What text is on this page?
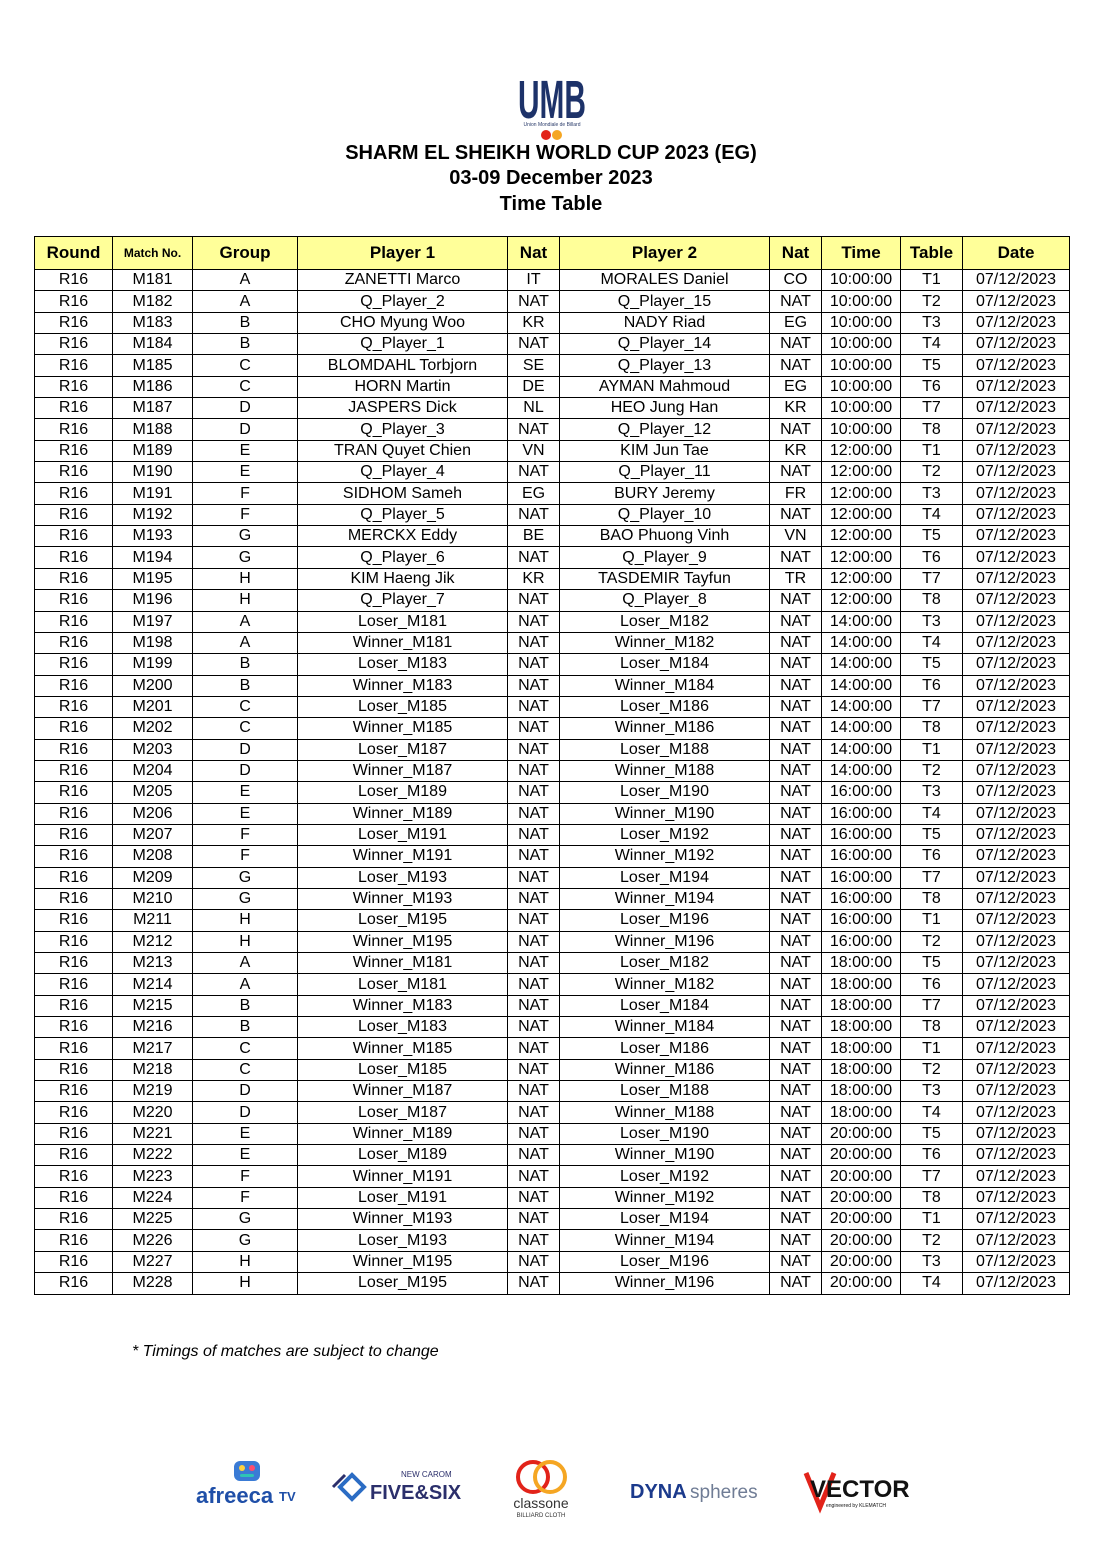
UMB
Union Mondiale de Billard
SHARM EL SHEIKH WORLD CUP 2023 (EG)
03-09 December 2023
Time Table
Round	Match No.	Group	Player 1	Nat	Player 2	Nat	Time	Table	Date
R16	M181	A	ZANETTI Marco	IT	MORALES Daniel	CO	10:00:00	T1	07/12/2023
R16	M182	A	Q_Player_2	NAT	Q_Player_15	NAT	10:00:00	T2	07/12/2023
R16	M183	B	CHO Myung Woo	KR	NADY Riad	EG	10:00:00	T3	07/12/2023
R16	M184	B	Q_Player_1	NAT	Q_Player_14	NAT	10:00:00	T4	07/12/2023
R16	M185	C	BLOMDAHL Torbjorn	SE	Q_Player_13	NAT	10:00:00	T5	07/12/2023
R16	M186	C	HORN Martin	DE	AYMAN Mahmoud	EG	10:00:00	T6	07/12/2023
R16	M187	D	JASPERS Dick	NL	HEO Jung Han	KR	10:00:00	T7	07/12/2023
R16	M188	D	Q_Player_3	NAT	Q_Player_12	NAT	10:00:00	T8	07/12/2023
R16	M189	E	TRAN Quyet Chien	VN	KIM Jun Tae	KR	12:00:00	T1	07/12/2023
R16	M190	E	Q_Player_4	NAT	Q_Player_11	NAT	12:00:00	T2	07/12/2023
R16	M191	F	SIDHOM Sameh	EG	BURY Jeremy	FR	12:00:00	T3	07/12/2023
R16	M192	F	Q_Player_5	NAT	Q_Player_10	NAT	12:00:00	T4	07/12/2023
R16	M193	G	MERCKX Eddy	BE	BAO Phuong Vinh	VN	12:00:00	T5	07/12/2023
R16	M194	G	Q_Player_6	NAT	Q_Player_9	NAT	12:00:00	T6	07/12/2023
R16	M195	H	KIM Haeng Jik	KR	TASDEMIR Tayfun	TR	12:00:00	T7	07/12/2023
R16	M196	H	Q_Player_7	NAT	Q_Player_8	NAT	12:00:00	T8	07/12/2023
R16	M197	A	Loser_M181	NAT	Loser_M182	NAT	14:00:00	T3	07/12/2023
R16	M198	A	Winner_M181	NAT	Winner_M182	NAT	14:00:00	T4	07/12/2023
R16	M199	B	Loser_M183	NAT	Loser_M184	NAT	14:00:00	T5	07/12/2023
R16	M200	B	Winner_M183	NAT	Winner_M184	NAT	14:00:00	T6	07/12/2023
R16	M201	C	Loser_M185	NAT	Loser_M186	NAT	14:00:00	T7	07/12/2023
R16	M202	C	Winner_M185	NAT	Winner_M186	NAT	14:00:00	T8	07/12/2023
R16	M203	D	Loser_M187	NAT	Loser_M188	NAT	14:00:00	T1	07/12/2023
R16	M204	D	Winner_M187	NAT	Winner_M188	NAT	14:00:00	T2	07/12/2023
R16	M205	E	Loser_M189	NAT	Loser_M190	NAT	16:00:00	T3	07/12/2023
R16	M206	E	Winner_M189	NAT	Winner_M190	NAT	16:00:00	T4	07/12/2023
R16	M207	F	Loser_M191	NAT	Loser_M192	NAT	16:00:00	T5	07/12/2023
R16	M208	F	Winner_M191	NAT	Winner_M192	NAT	16:00:00	T6	07/12/2023
R16	M209	G	Loser_M193	NAT	Loser_M194	NAT	16:00:00	T7	07/12/2023
R16	M210	G	Winner_M193	NAT	Winner_M194	NAT	16:00:00	T8	07/12/2023
R16	M211	H	Loser_M195	NAT	Loser_M196	NAT	16:00:00	T1	07/12/2023
R16	M212	H	Winner_M195	NAT	Winner_M196	NAT	16:00:00	T2	07/12/2023
R16	M213	A	Winner_M181	NAT	Loser_M182	NAT	18:00:00	T5	07/12/2023
R16	M214	A	Loser_M181	NAT	Winner_M182	NAT	18:00:00	T6	07/12/2023
R16	M215	B	Winner_M183	NAT	Loser_M184	NAT	18:00:00	T7	07/12/2023
R16	M216	B	Loser_M183	NAT	Winner_M184	NAT	18:00:00	T8	07/12/2023
R16	M217	C	Winner_M185	NAT	Loser_M186	NAT	18:00:00	T1	07/12/2023
R16	M218	C	Loser_M185	NAT	Winner_M186	NAT	18:00:00	T2	07/12/2023
R16	M219	D	Winner_M187	NAT	Loser_M188	NAT	18:00:00	T3	07/12/2023
R16	M220	D	Loser_M187	NAT	Winner_M188	NAT	18:00:00	T4	07/12/2023
R16	M221	E	Winner_M189	NAT	Loser_M190	NAT	20:00:00	T5	07/12/2023
R16	M222	E	Loser_M189	NAT	Winner_M190	NAT	20:00:00	T6	07/12/2023
R16	M223	F	Winner_M191	NAT	Loser_M192	NAT	20:00:00	T7	07/12/2023
R16	M224	F	Loser_M191	NAT	Winner_M192	NAT	20:00:00	T8	07/12/2023
R16	M225	G	Winner_M193	NAT	Loser_M194	NAT	20:00:00	T1	07/12/2023
R16	M226	G	Loser_M193	NAT	Winner_M194	NAT	20:00:00	T2	07/12/2023
R16	M227	H	Winner_M195	NAT	Loser_M196	NAT	20:00:00	T3	07/12/2023
R16	M228	H	Loser_M195	NAT	Winner_M196	NAT	20:00:00	T4	07/12/2023
* Timings of matches are subject to change
afreeca TV
NEW CAROM
FIVE&SIX	classone
BILLIARD CLOTH
DYNA spheres VECTOR
engineered by KLEMATCH
